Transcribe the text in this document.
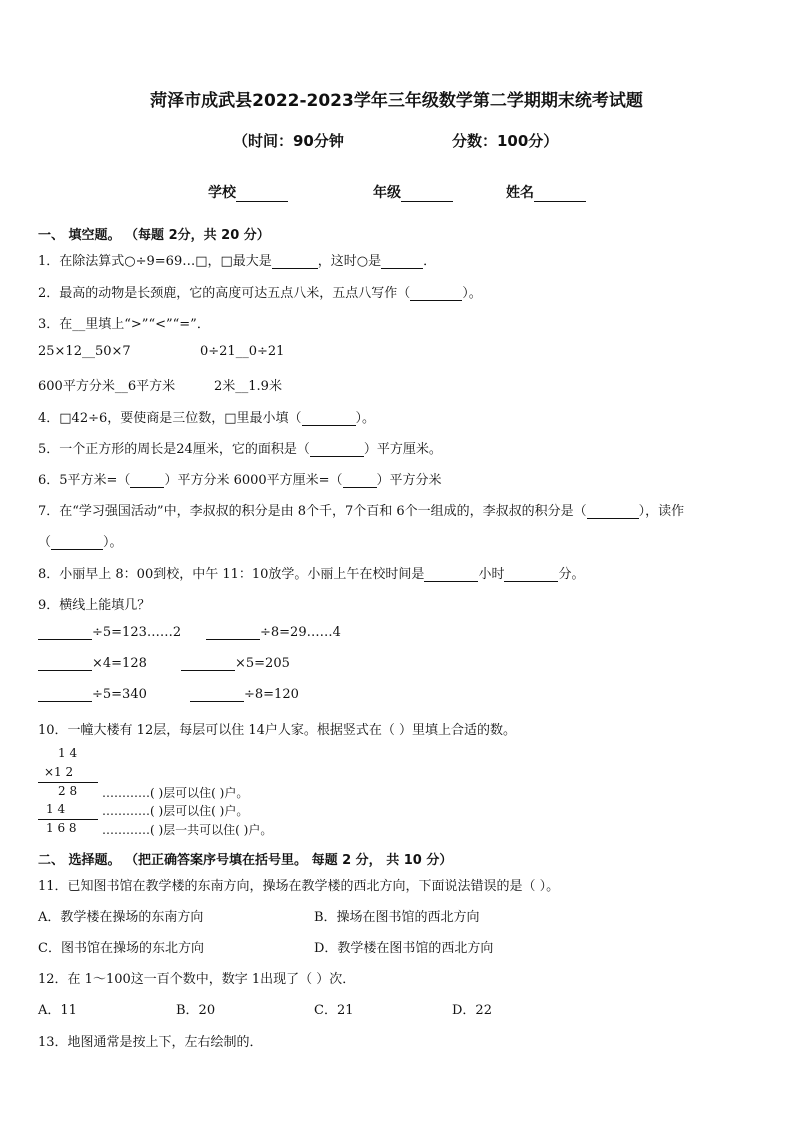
菏泽市成武县2022-2023学年三年级数学第二学期期末统考试题
（时间：90分钟	分数：100分）
学校	年级	姓名
一、 填空题。 （每题 2分，共 20 分）
1．在除法算式○÷9=69…□，□最大是	，这时○是	．
2．最高的动物是长颈鹿，它的高度可达五点八米，五点八写作（	）。
3．在__里填上“>”“<”“=”．
25×12__50×7	0÷21__0÷21
600平方分米__6平方米	2米__1.9米
4．□42÷6，要使商是三位数，□里最小填（	）。
5．一个正方形的周长是24厘米，它的面积是（	）平方厘米。
6．5平方米=（	）平方分米 6000平方厘米=（	）平方分米
7．在“学习强国活动”中，李叔叔的积分是由 8个千，7个百和 6个一组成的，李叔叔的积分是（	），读作
（	）。
8．小丽早上 8：00到校，中午 11：10放学。小丽上午在校时间是	小时	分。
9．横线上能填几？
÷5=123……2	÷8=29……4
×4=128	×5=205
÷5=340	÷8=120
10．一幢大楼有 12层，每层可以住 14户人家。根据竖式在（ ）里填上合适的数。
1 4
×1 2
2 8 …………( )层可以住( )户。
1 4	…………( )层可以住( )户。
1 6 8 …………( )层一共可以住( )户。
二、 选择题。 （把正确答案序号填在括号里。 每题 2 分， 共 10 分）
11．已知图书馆在教学楼的东南方向，操场在教学楼的西北方向，下面说法错误的是（ ）。
A．教学楼在操场的东南方向	B．操场在图书馆的西北方向
C．图书馆在操场的东北方向	D．教学楼在图书馆的西北方向
12．在 1～100这一百个数中，数字 1出现了（ ）次．
A．11	B．20	C．21	D．22
13．地图通常是按上下，左右绘制的．
